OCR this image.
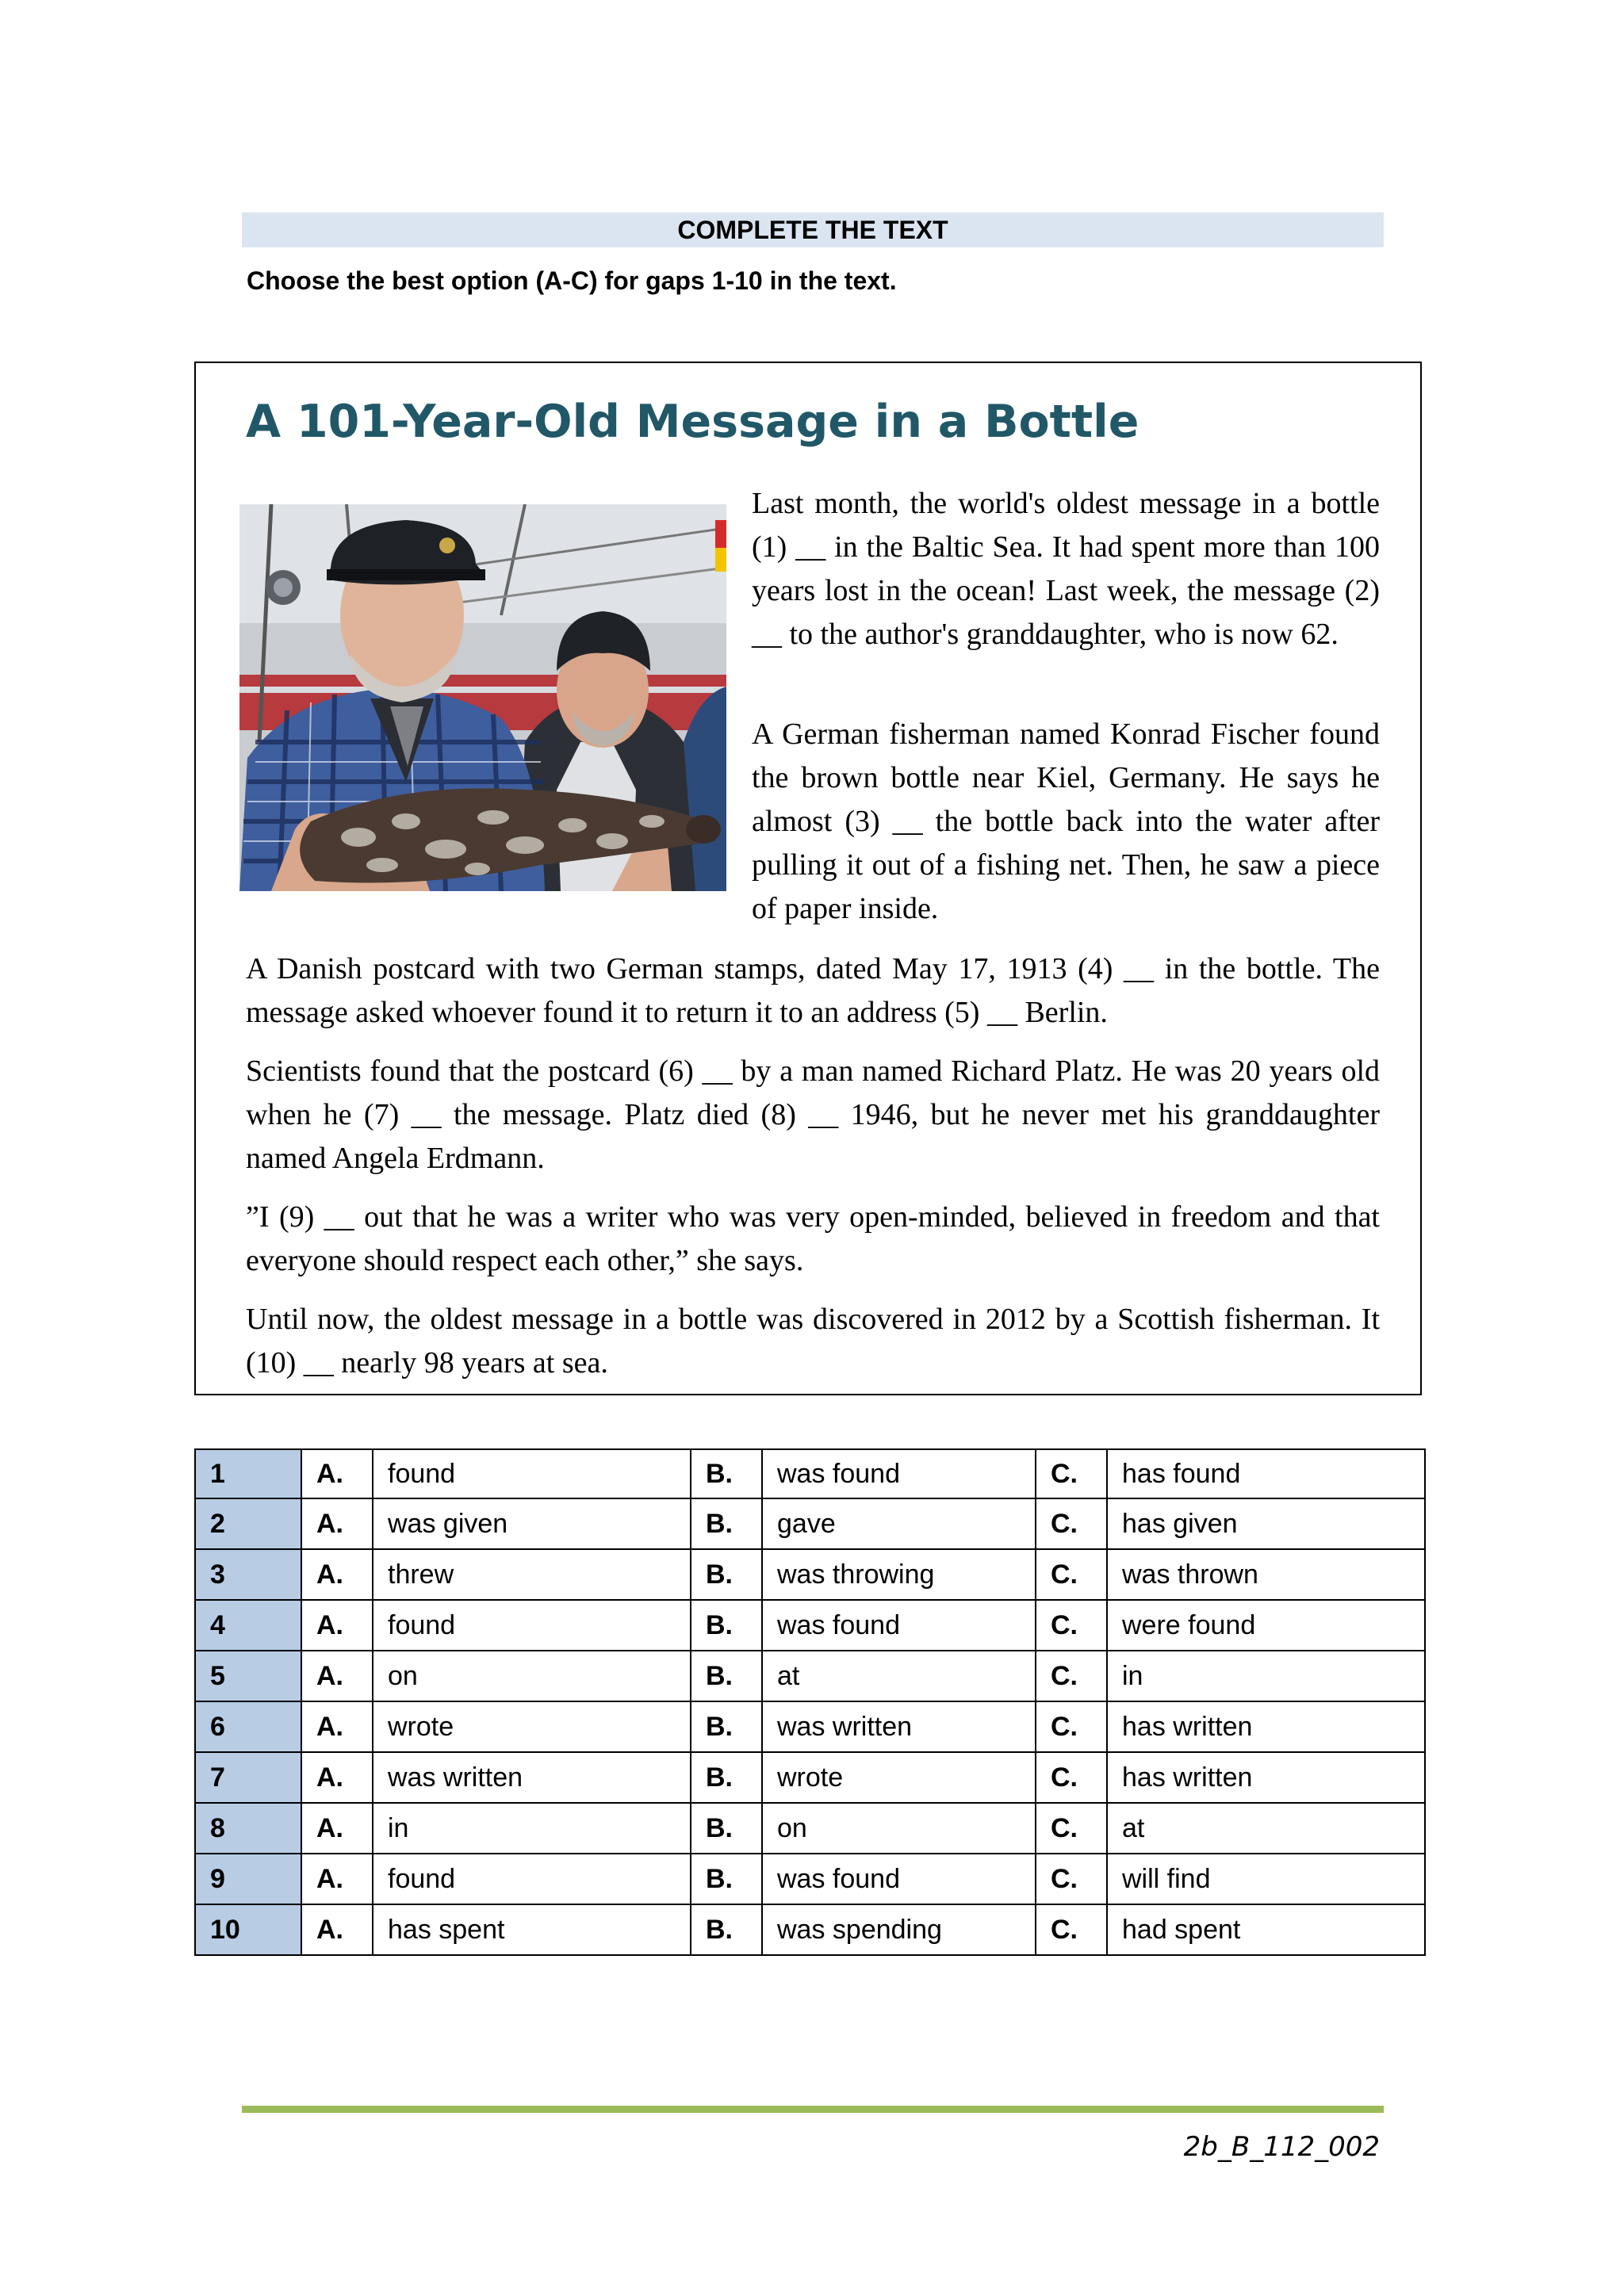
COMPLETE THE TEXT
Choose the best option (A-C) for gaps 1-10 in the text.
A 101-Year-Old Message in a Bottle

Last month, the world's oldest message in a bottle (1) __ in the Baltic Sea. It had spent more than 100 years lost in the ocean! Last week, the message (2) __ to the author's granddaughter, who is now 62.

A German fisherman named Konrad Fischer found the brown bottle near Kiel, Germany. He says he almost (3) __ the bottle back into the water after pulling it out of a fishing net. Then, he saw a piece of paper inside.

A Danish postcard with two German stamps, dated May 17, 1913 (4) __ in the bottle. The message asked whoever found it to return it to an address (5) __ Berlin.

Scientists found that the postcard (6) __ by a man named Richard Platz. He was 20 years old when he (7) __ the message. Platz died (8) __ 1946, but he never met his granddaughter named Angela Erdmann.

”I (9) __ out that he was a writer who was very open-minded, believed in freedom and that everyone should respect each other,” she says.

Until now, the oldest message in a bottle was discovered in 2012 by a Scottish fisherman. It (10) __ nearly 98 years at sea.

1	A.	found	B.	was found	C.	has found
2	A.	was given	B.	gave	C.	has given
3	A.	threw	B.	was throwing	C.	was thrown
4	A.	found	B.	was found	C.	were found
5	A.	on	B.	at	C.	in
6	A.	wrote	B.	was written	C.	has written
7	A.	was written	B.	wrote	C.	has written
8	A.	in	B.	on	C.	at
9	A.	found	B.	was found	C.	will find
10	A.	has spent	B.	was spending	C.	had spent
2b_B_112_002
